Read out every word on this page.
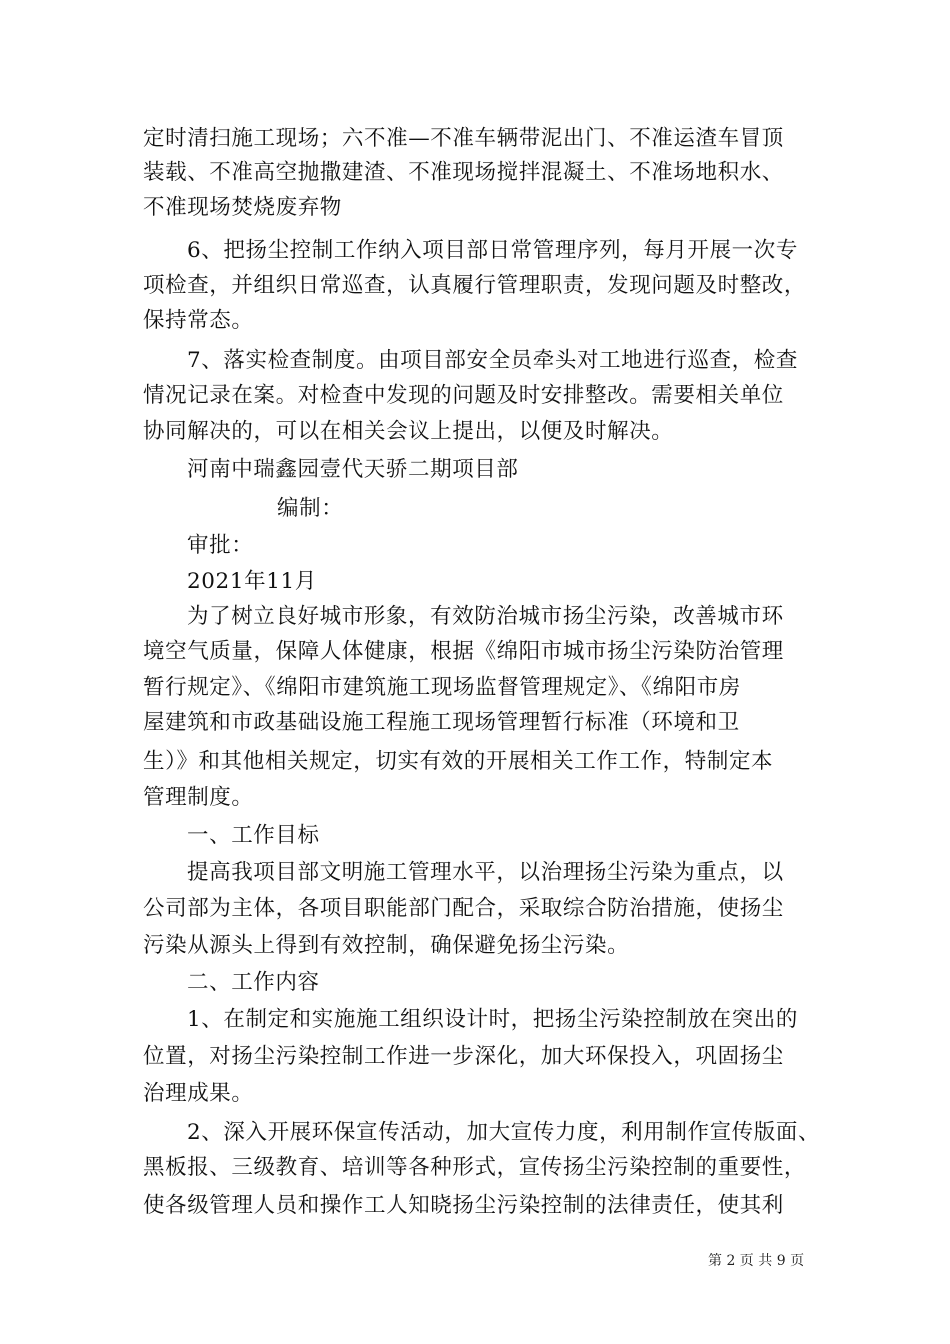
定时清扫施工现场；六不准—不准车辆带泥出门、不准运渣车冒顶
装载、不准高空抛撒建渣、不准现场搅拌混凝土、不准场地积水、
不准现场焚烧废弃物
6、把扬尘控制工作纳入项目部日常管理序列，每月开展一次专
项检查，并组织日常巡查，认真履行管理职责，发现问题及时整改，
保持常态。
7、落实检查制度。由项目部安全员牵头对工地进行巡查，检查
情况记录在案。对检查中发现的问题及时安排整改。需要相关单位
协同解决的，可以在相关会议上提出，以便及时解决。
河南中瑞鑫园壹代天骄二期项目部
编制：
审批：
2021年11月
为了树立良好城市形象，有效防治城市扬尘污染，改善城市环
境空气质量，保障人体健康，根据《绵阳市城市扬尘污染防治管理
暂行规定》、《绵阳市建筑施工现场监督管理规定》、《绵阳市房
屋建筑和市政基础设施工程施工现场管理暂行标准（环境和卫
生）》和其他相关规定，切实有效的开展相关工作工作，特制定本
管理制度。
一、工作目标
提高我项目部文明施工管理水平，以治理扬尘污染为重点，以
公司部为主体，各项目职能部门配合，采取综合防治措施，使扬尘
污染从源头上得到有效控制，确保避免扬尘污染。
二、工作内容
1、在制定和实施施工组织设计时，把扬尘污染控制放在突出的
位置，对扬尘污染控制工作进一步深化，加大环保投入，巩固扬尘
治理成果。
2、深入开展环保宣传活动，加大宣传力度，利用制作宣传版面、
黑板报、三级教育、培训等各种形式，宣传扬尘污染控制的重要性，
使各级管理人员和操作工人知晓扬尘污染控制的法律责任，使其利
第 2 页 共 9 页
